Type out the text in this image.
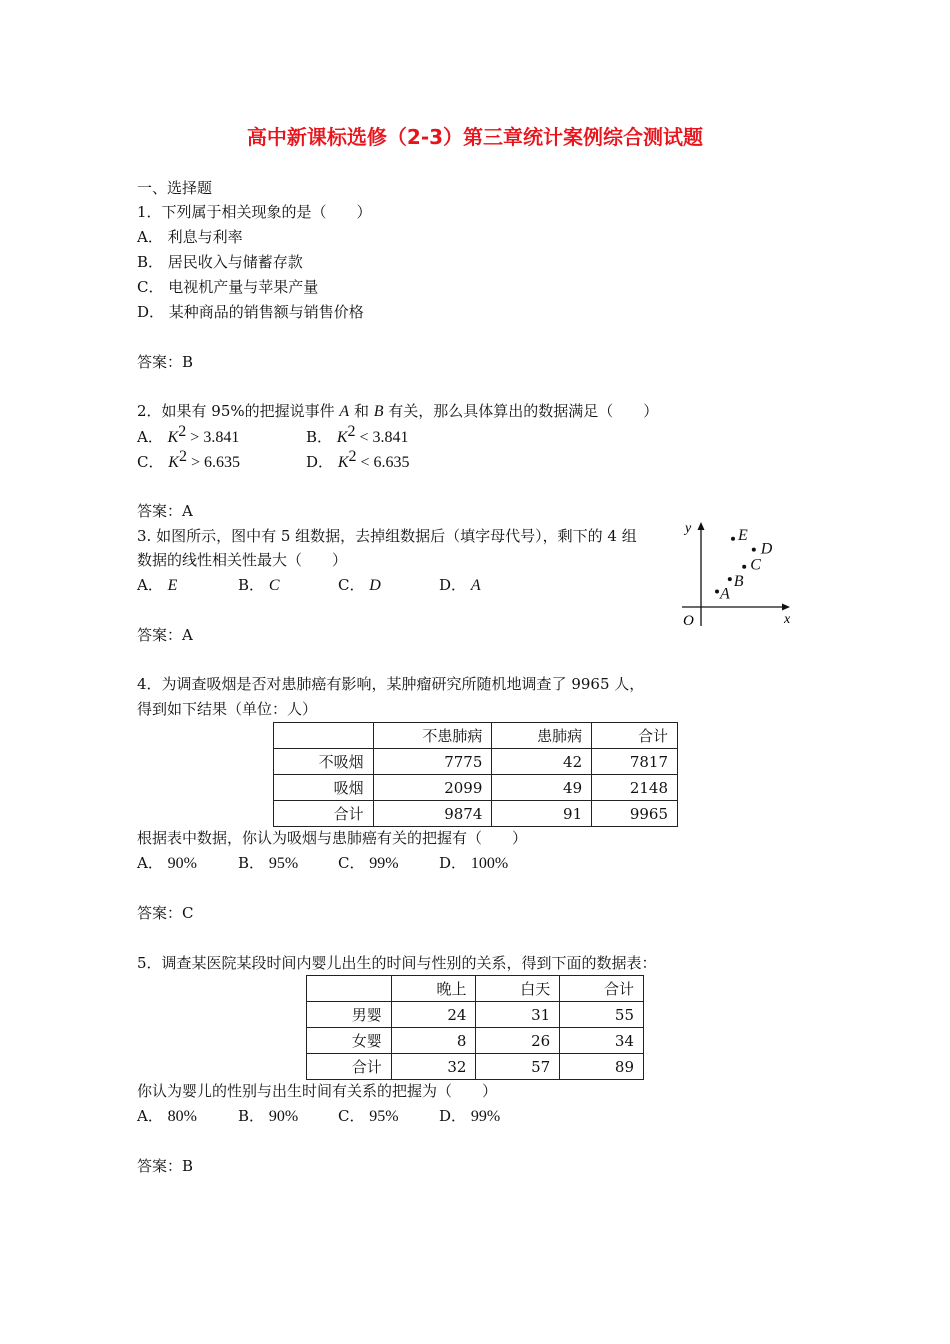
高中新课标选修（2-3）第三章统计案例综合测试题
一、选择题
1．下列属于相关现象的是（　　）
A． 利息与利率
B． 居民收入与储蓄存款
C． 电视机产量与苹果产量
D． 某种商品的销售额与销售价格
答案：B
2．如果有 95%的把握说事件 A 和 B 有关，那么具体算出的数据满足（　　）
A． $K^2 > 3.841$	B． $K^2 < 3.841$
C． $K^2 > 6.635$	D． $K^2 < 6.635$
答案：A
3. 如图所示，图中有 5 组数据，去掉组数据后（填字母代号），剩下的 4 组
数据的线性相关性最大（　　）
A． E	B． C	C． D	D． A
答案：A
y
x
O
A
B
C
D
E
4．为调查吸烟是否对患肺癌有影响，某肿瘤研究所随机地调查了 9965 人，
得到如下结果（单位：人）
	不患肺病	患肺病	合计
不吸烟	7775	42	7817
吸烟	2099	49	2148
合计	9874	91	9965
根据表中数据，你认为吸烟与患肺癌有关的把握有（　　）
A． 90%	B． 95%	C． 99%	D． 100%
答案：C
5．调查某医院某段时间内婴儿出生的时间与性别的关系，得到下面的数据表：
	晚上	白天	合计
男婴	24	31	55
女婴	8	26	34
合计	32	57	89
你认为婴儿的性别与出生时间有关系的把握为（　　）
A． 80%	B． 90%	C． 95%	D． 99%
答案：B
